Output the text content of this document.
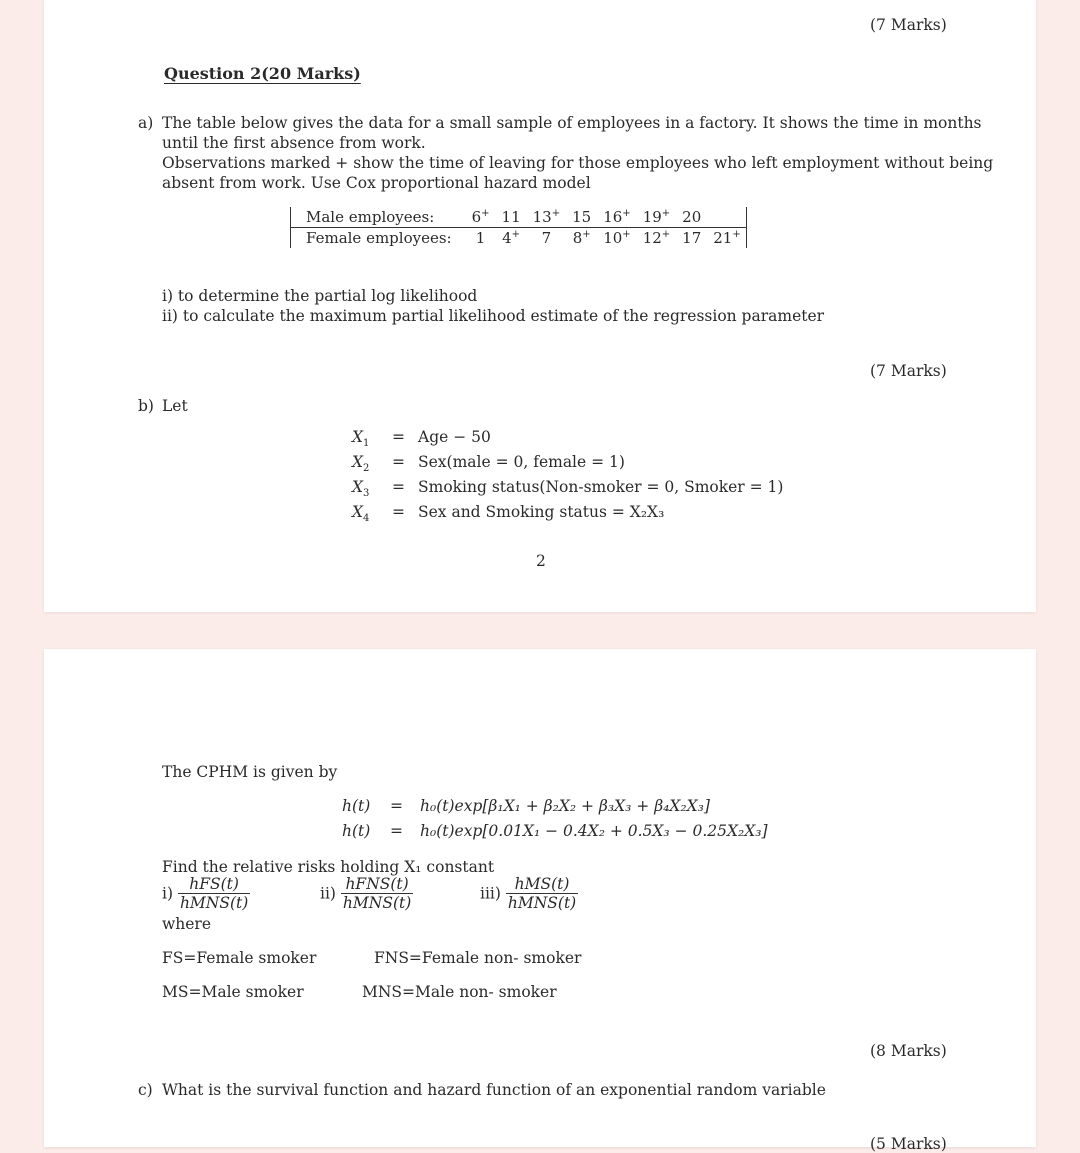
(7 Marks)
Question 2(20 Marks)
a) The table below gives the data for a small sample of employees in a factory. It shows the time in months
until the first absence from work.
Observations marked + show the time of leaving for those employees who left employment without being
absent from work. Use Cox proportional hazard model
Male employees:	6+	11	13+	15	16+	19+	20	
Female employees:	1	4+	7	8+	10+	12+	17	21+
i) to determine the partial log likelihood
ii) to calculate the maximum partial likelihood estimate of the regression parameter
(7 Marks)
b) Let
$X_1$ = Age − 50
$X_2$ = Sex(male = 0, female = 1)
$X_3$ = Smoking status(Non-smoker = 0, Smoker = 1)
$X_4$ = Sex and Smoking status = X₂X₃
2
The CPHM is given by
h(t) = h₀(t)exp[β₁X₁ + β₂X₂ + β₃X₃ + β₄X₂X₃]
h(t) = h₀(t)exp[0.01X₁ − 0.4X₂ + 0.5X₃ − 0.25X₂X₃]
Find the relative risks holding X₁ constant
$i) \frac{\text{hFS(t)}}{\text{hMNS(t)}}$	$ii) \frac{\text{hFNS(t)}}{\text{hMNS(t)}}$	$iii) \frac{\text{hMS(t)}}{\text{hMNS(t)}}$
where
FS=Female smoker	FNS=Female non- smoker
MS=Male smoker	MNS=Male non- smoker
(8 Marks)
c) What is the survival function and hazard function of an exponential random variable
(5 Marks)
